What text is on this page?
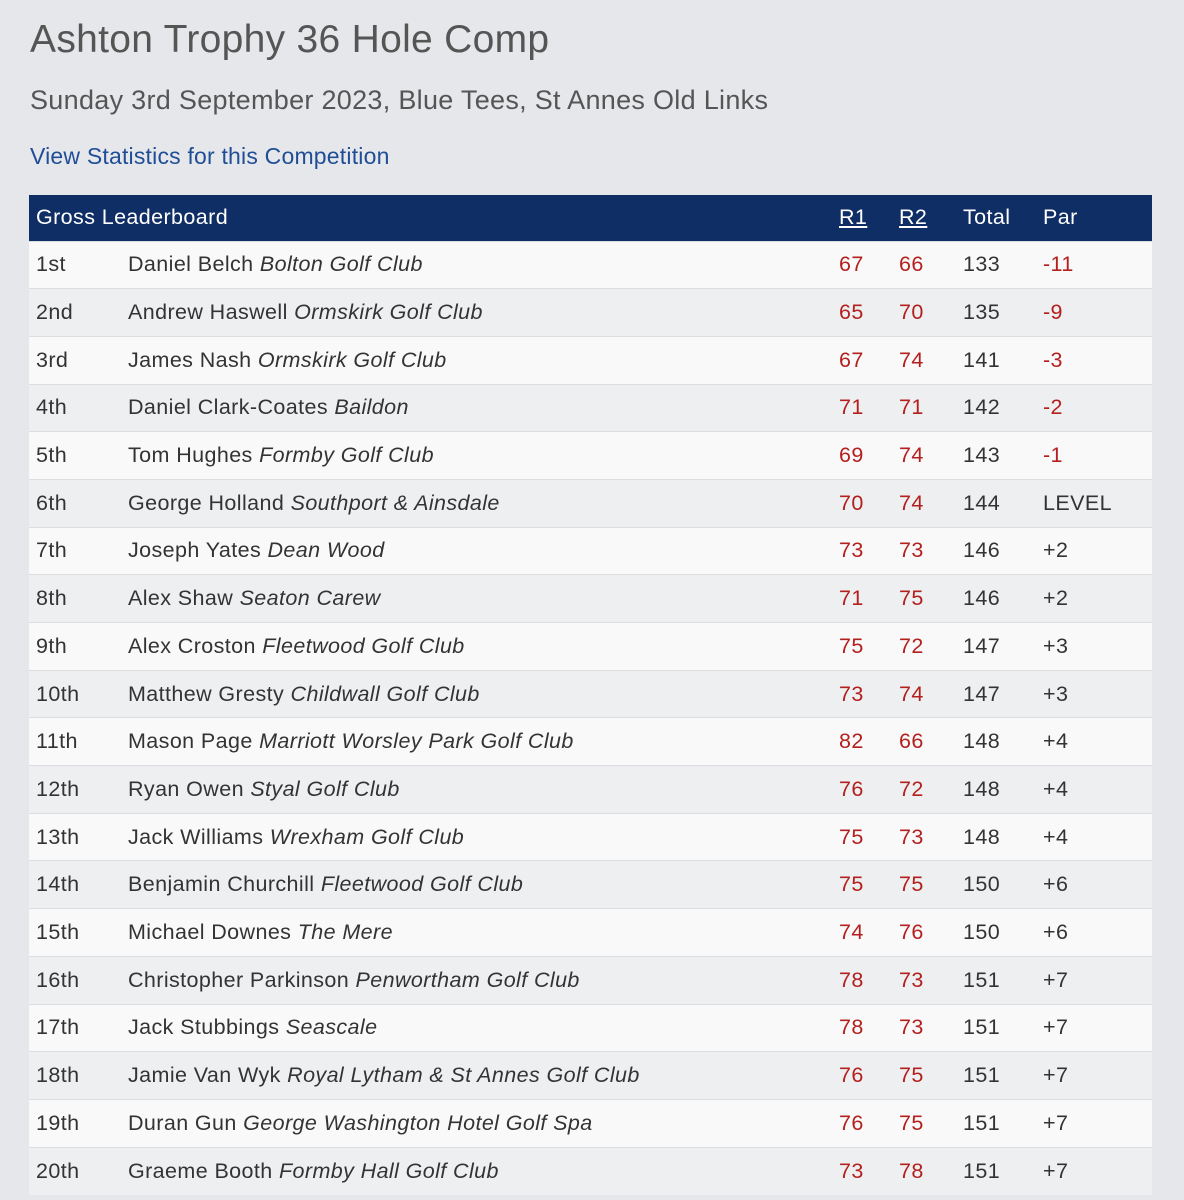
Ashton Trophy 36 Hole Comp
Sunday 3rd September 2023, Blue Tees, St Annes Old Links
View Statistics for this Competition
Gross Leaderboard		R1	R2	Total	Par
1st	Daniel Belch Bolton Golf Club	67	66	133	-11
2nd	Andrew Haswell Ormskirk Golf Club	65	70	135	-9
3rd	James Nash Ormskirk Golf Club	67	74	141	-3
4th	Daniel Clark-Coates Baildon	71	71	142	-2
5th	Tom Hughes Formby Golf Club	69	74	143	-1
6th	George Holland Southport & Ainsdale	70	74	144	LEVEL
7th	Joseph Yates Dean Wood	73	73	146	+2
8th	Alex Shaw Seaton Carew	71	75	146	+2
9th	Alex Croston Fleetwood Golf Club	75	72	147	+3
10th	Matthew Gresty Childwall Golf Club	73	74	147	+3
11th	Mason Page Marriott Worsley Park Golf Club	82	66	148	+4
12th	Ryan Owen Styal Golf Club	76	72	148	+4
13th	Jack Williams Wrexham Golf Club	75	73	148	+4
14th	Benjamin Churchill Fleetwood Golf Club	75	75	150	+6
15th	Michael Downes The Mere	74	76	150	+6
16th	Christopher Parkinson Penwortham Golf Club	78	73	151	+7
17th	Jack Stubbings Seascale	78	73	151	+7
18th	Jamie Van Wyk Royal Lytham & St Annes Golf Club	76	75	151	+7
19th	Duran Gun George Washington Hotel Golf Spa	76	75	151	+7
20th	Graeme Booth Formby Hall Golf Club	73	78	151	+7
